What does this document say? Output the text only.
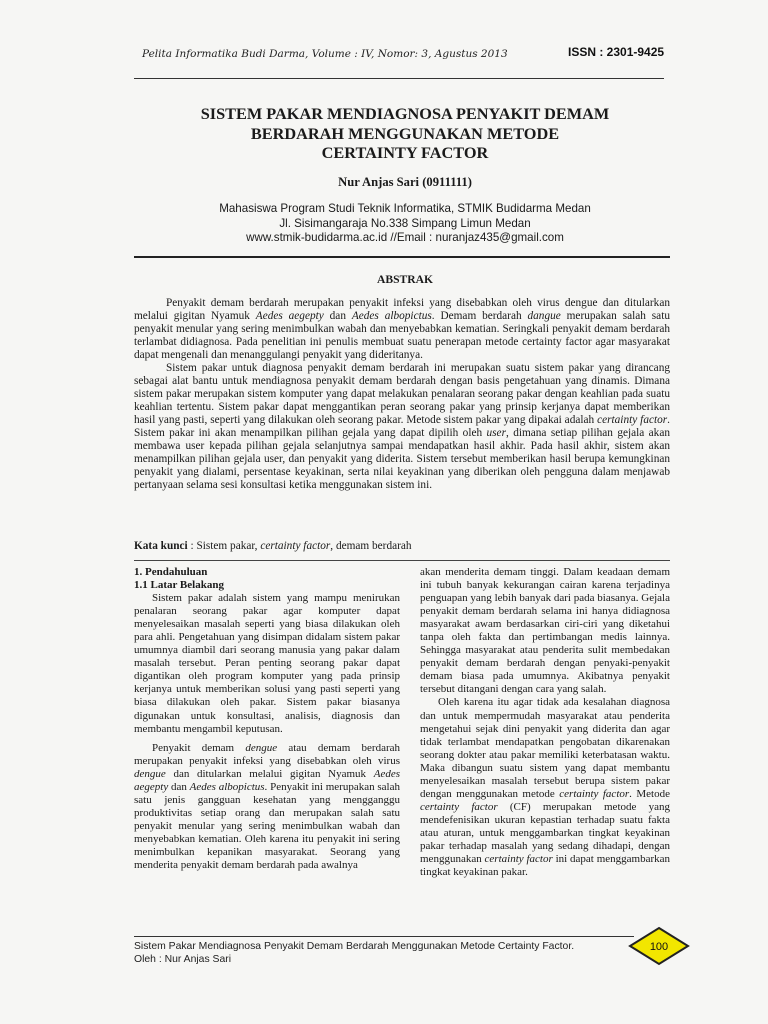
Pelita Informatika Budi Darma, Volume : IV, Nomor: 3, Agustus 2013	ISSN : 2301-9425
SISTEM PAKAR MENDIAGNOSA PENYAKIT DEMAM
BERDARAH MENGGUNAKAN METODE
CERTAINTY FACTOR
Nur Anjas Sari (0911111)
Mahasiswa Program Studi Teknik Informatika, STMIK Budidarma Medan
Jl. Sisimangaraja No.338 Simpang Limun Medan
www.stmik-budidarma.ac.id //Email : nuranjaz435@gmail.com
ABSTRAK

Penyakit demam berdarah merupakan penyakit infeksi yang disebabkan oleh virus dengue dan ditularkan melalui gigitan Nyamuk Aedes aegepty dan Aedes albopictus. Demam berdarah dangue merupakan salah satu penyakit menular yang sering menimbulkan wabah dan menyebabkan kematian. Seringkali penyakit demam berdarah terlambat didiagnosa. Pada penelitian ini penulis membuat suatu penerapan metode certainty factor agar masyarakat dapat mengenali dan menanggulangi penyakit yang dideritanya.

Sistem pakar untuk diagnosa penyakit demam berdarah ini merupakan suatu sistem pakar yang dirancang sebagai alat bantu untuk mendiagnosa penyakit demam berdarah dengan basis pengetahuan yang dinamis. Dimana sistem pakar merupakan sistem komputer yang dapat melakukan penalaran seorang pakar dengan keahlian pada suatu keahlian tertentu. Sistem pakar dapat menggantikan peran seorang pakar yang prinsip kerjanya dapat memberikan hasil yang pasti, seperti yang dilakukan oleh seorang pakar. Metode sistem pakar yang dipakai adalah certainty factor. Sistem pakar ini akan menampilkan pilihan gejala yang dapat dipilih oleh user, dimana setiap pilihan gejala akan membawa user kepada pilihan gejala selanjutnya sampai mendapatkan hasil akhir. Pada hasil akhir, sistem akan menampilkan pilihan gejala user, dan penyakit yang diderita. Sistem tersebut memberikan hasil berupa kemungkinan penyakit yang dialami, persentase keyakinan, serta nilai keyakinan yang diberikan oleh pengguna dalam menjawab pertanyaan selama sesi konsultasi ketika menggunakan sistem ini.

Kata kunci : Sistem pakar, certainty factor, demam berdarah

1. Pendahuluan

1.1 Latar Belakang

Sistem pakar adalah sistem yang mampu menirukan penalaran seorang pakar agar komputer dapat menyelesaikan masalah seperti yang biasa dilakukan oleh para ahli. Pengetahuan yang disimpan didalam sistem pakar umumnya diambil dari seorang manusia yang pakar dalam masalah tersebut. Peran penting seorang pakar dapat digantikan oleh program komputer yang pada prinsip kerjanya untuk memberikan solusi yang pasti seperti yang biasa dilakukan oleh pakar. Sistem pakar biasanya digunakan untuk konsultasi, analisis, diagnosis dan membantu mengambil keputusan.

Penyakit demam dengue atau demam berdarah merupakan penyakit infeksi yang disebabkan oleh virus dengue dan ditularkan melalui gigitan Nyamuk Aedes aegepty dan Aedes albopictus. Penyakit ini merupakan salah satu jenis gangguan kesehatan yang mengganggu produktivitas setiap orang dan merupakan salah satu penyakit menular yang sering menimbulkan wabah dan menyebabkan kematian. Oleh karena itu penyakit ini sering menimbulkan kepanikan masyarakat. Seorang yang menderita penyakit demam berdarah pada awalnya

akan menderita demam tinggi. Dalam keadaan demam ini tubuh banyak kekurangan cairan karena terjadinya penguapan yang lebih banyak dari pada biasanya. Gejala penyakit demam berdarah selama ini hanya didiagnosa masyarakat awam berdasarkan ciri-ciri yang diketahui tanpa oleh fakta dan pertimbangan medis lainnya. Sehingga masyarakat atau penderita sulit membedakan penyakit demam berdarah dengan penyaki-penyakit demam biasa pada umumnya. Akibatnya penyakit tersebut ditangani dengan cara yang salah.

Oleh karena itu agar tidak ada kesalahan diagnosa dan untuk mempermudah masyarakat atau penderita mengetahui sejak dini penyakit yang diderita dan agar tidak terlambat mendapatkan pengobatan dikarenakan seorang dokter atau pakar memiliki keterbatasan waktu. Maka dibangun suatu sistem yang dapat membantu menyelesaikan masalah tersebut berupa sistem pakar dengan menggunakan metode certainty factor. Metode certainty factor (CF) merupakan metode yang mendefenisikan ukuran kepastian terhadap suatu fakta atau aturan, untuk menggambarkan tingkat keyakinan pakar terhadap masalah yang sedang dihadapi, dengan menggunakan certainty factor ini dapat menggambarkan tingkat keyakinan pakar.

Sistem Pakar Mendiagnosa Penyakit Demam Berdarah Menggunakan Metode Certainty Factor.
Oleh : Nur Anjas Sari
100
